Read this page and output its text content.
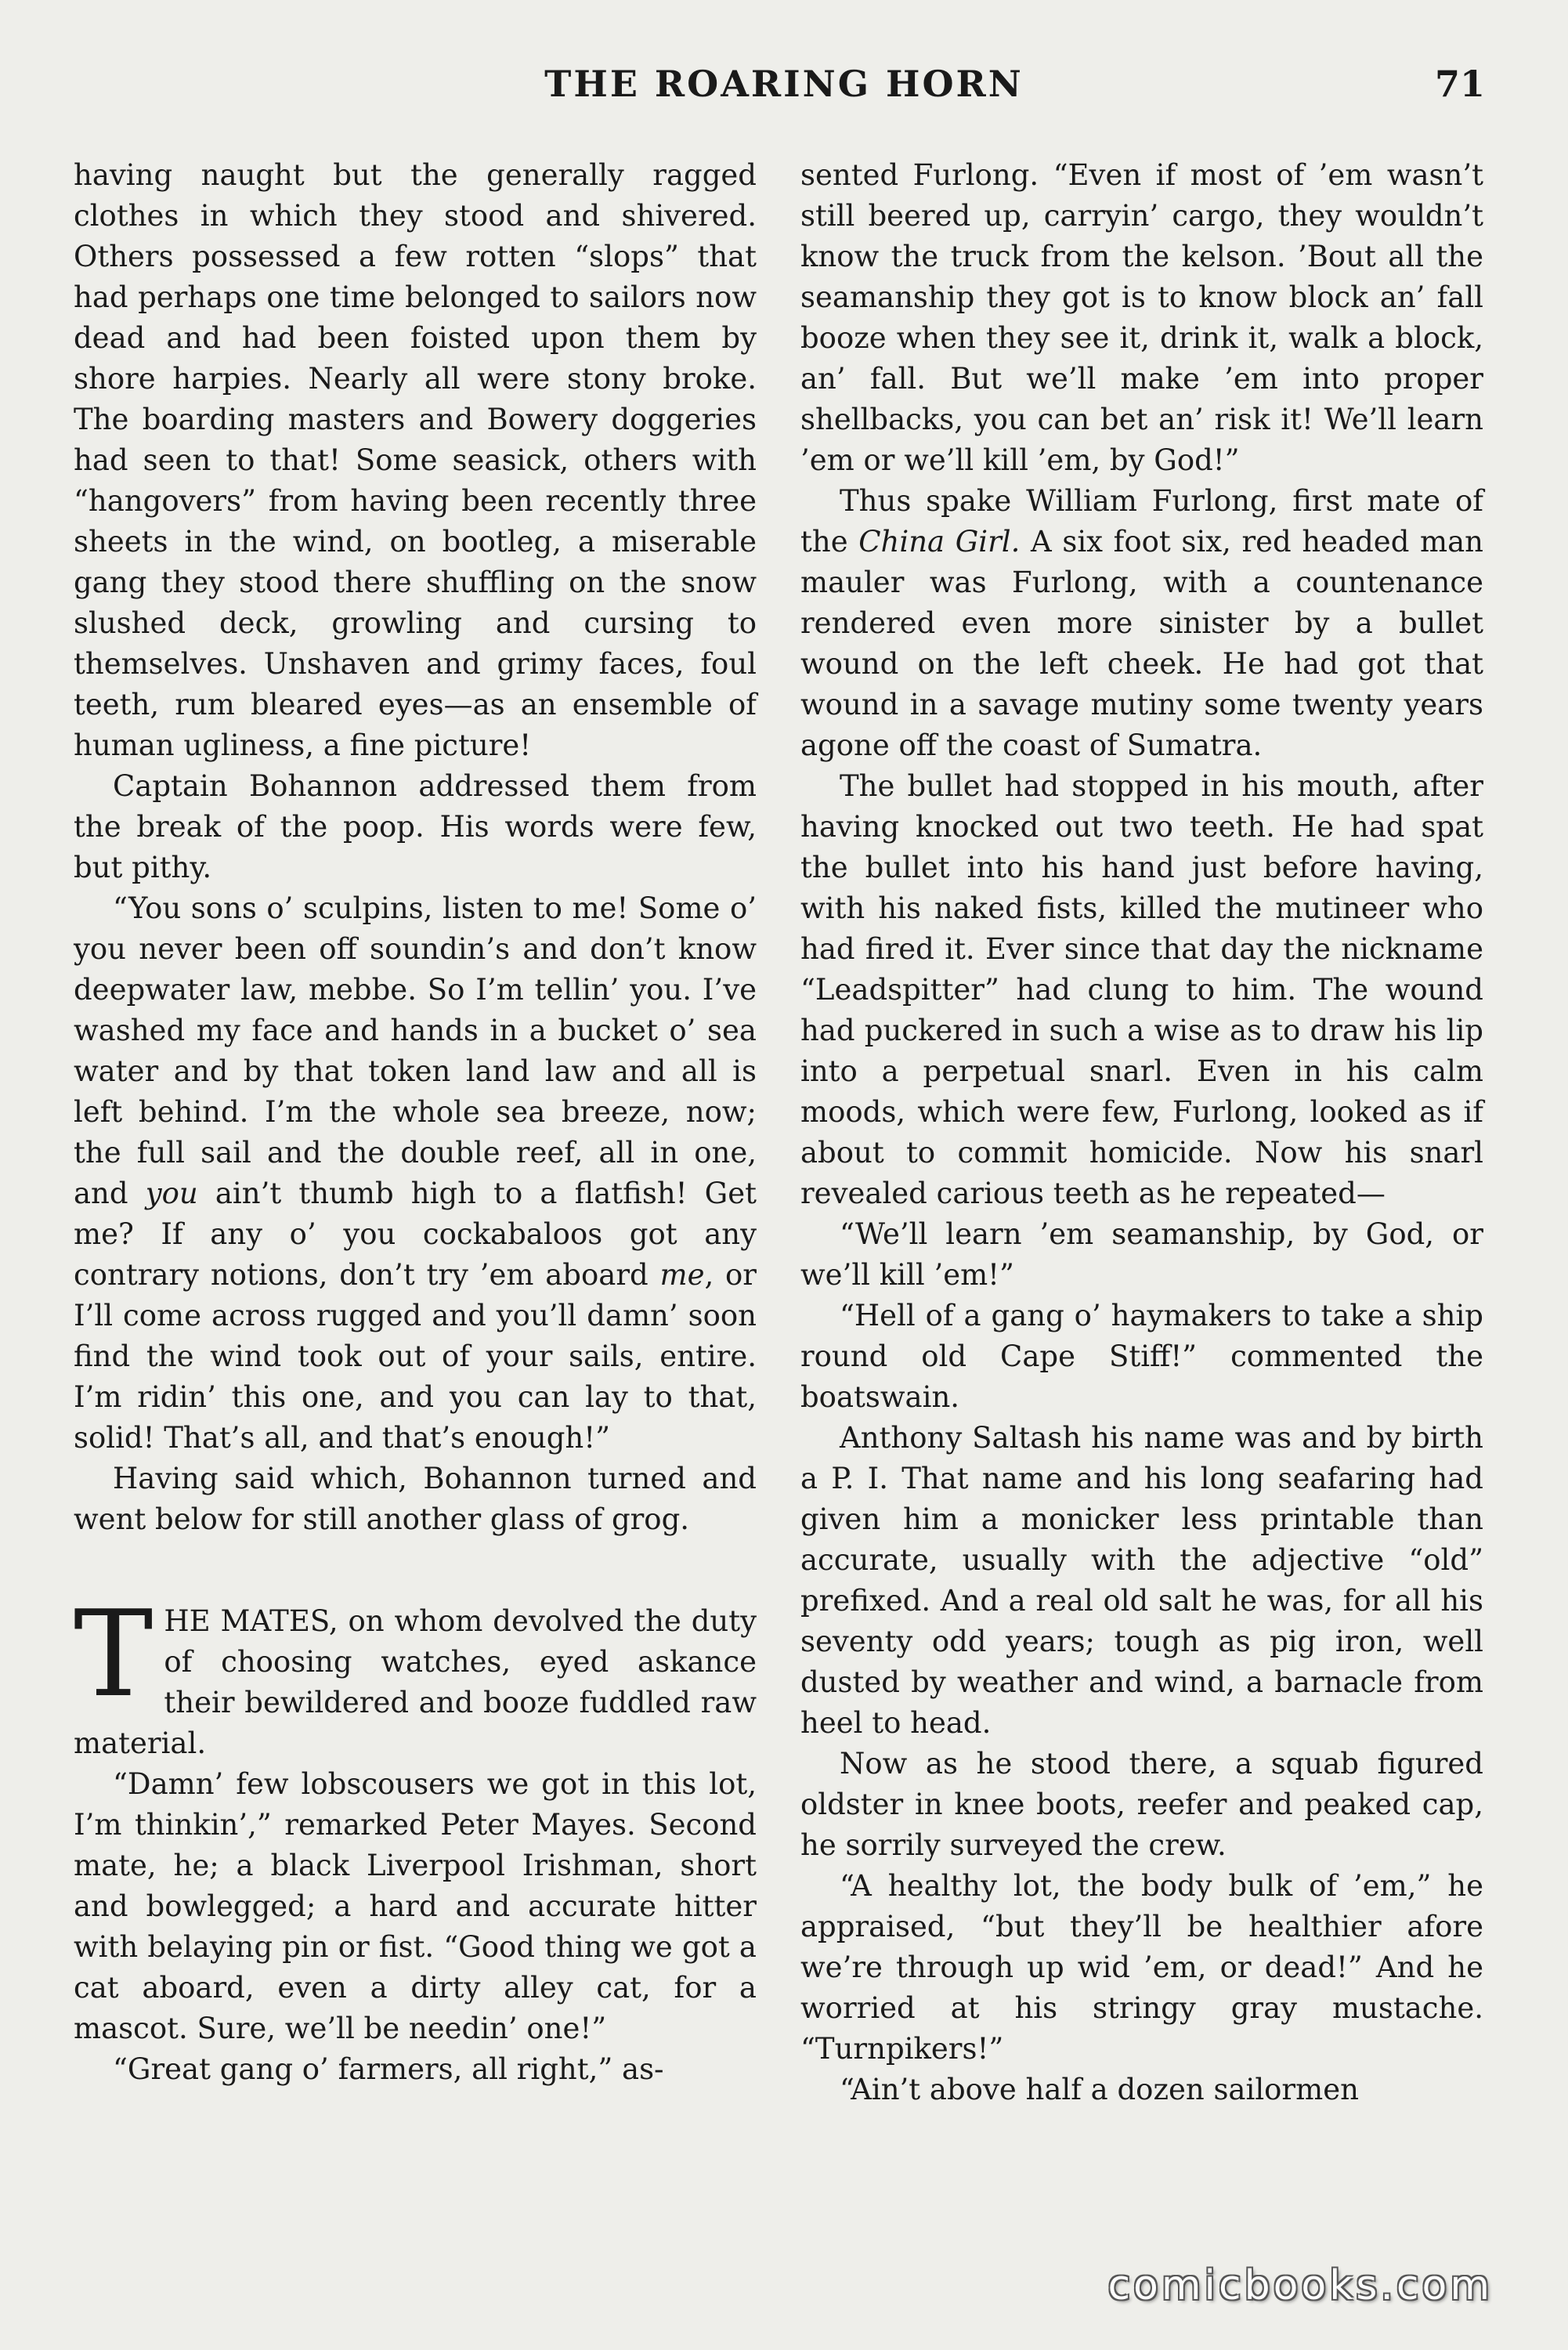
THE ROARING HORN	71

having naught but the generally ragged clothes in which they stood and shivered. Others possessed a few rotten “slops” that had perhaps one time belonged to sailors now dead and had been foisted upon them by shore harpies. Nearly all were stony broke. The boarding masters and Bowery doggeries had seen to that! Some seasick, others with “hangovers” from having been recently three sheets in the wind, on bootleg, a miserable gang they stood there shuffling on the snow slushed deck, growling and cursing to themselves. Unshaven and grimy faces, foul teeth, rum bleared eyes—as an ensemble of human ugliness, a fine picture!

Captain Bohannon addressed them from the break of the poop. His words were few, but pithy.

“You sons o’ sculpins, listen to me! Some o’ you never been off soundin’s and don’t know deepwater law, mebbe. So I’m tellin’ you. I’ve washed my face and hands in a bucket o’ sea water and by that token land law and all is left behind. I’m the whole sea breeze, now; the full sail and the double reef, all in one, and you ain’t thumb high to a flatfish! Get me? If any o’ you cockabaloos got any contrary notions, don’t try ’em aboard me, or I’ll come across rugged and you’ll damn’ soon find the wind took out of your sails, entire. I’m ridin’ this one, and you can lay to that, solid! That’s all, and that’s enough!”

Having said which, Bohannon turned and went below for still another glass of grog.

THE MATES, on whom devolved the duty of choosing watches, eyed askance their bewildered and booze fuddled raw material.

“Damn’ few lobscousers we got in this lot, I’m thinkin’,” remarked Peter Mayes. Second mate, he; a black Liverpool Irishman, short and bowlegged; a hard and accurate hitter with belaying pin or fist. “Good thing we got a cat aboard, even a dirty alley cat, for a mascot. Sure, we’ll be needin’ one!”

“Great gang o’ farmers, all right,” as-

sented Furlong. “Even if most of ’em wasn’t still beered up, carryin’ cargo, they wouldn’t know the truck from the kelson. ’Bout all the seamanship they got is to know block an’ fall booze when they see it, drink it, walk a block, an’ fall. But we’ll make ’em into proper shellbacks, you can bet an’ risk it! We’ll learn ’em or we’ll kill ’em, by God!”

Thus spake William Furlong, first mate of the China Girl. A six foot six, red headed man mauler was Furlong, with a countenance rendered even more sinister by a bullet wound on the left cheek. He had got that wound in a savage mutiny some twenty years agone off the coast of Sumatra.

The bullet had stopped in his mouth, after having knocked out two teeth. He had spat the bullet into his hand just before having, with his naked fists, killed the mutineer who had fired it. Ever since that day the nickname “Leadspitter” had clung to him. The wound had puckered in such a wise as to draw his lip into a perpetual snarl. Even in his calm moods, which were few, Furlong, looked as if about to commit homicide. Now his snarl revealed carious teeth as he repeated—

“We’ll learn ’em seamanship, by God, or we’ll kill ’em!”

“Hell of a gang o’ haymakers to take a ship round old Cape Stiff!” commented the boatswain.

Anthony Saltash his name was and by birth a P. I. That name and his long seafaring had given him a monicker less printable than accurate, usually with the adjective “old” prefixed. And a real old salt he was, for all his seventy odd years; tough as pig iron, well dusted by weather and wind, a barnacle from heel to head.

Now as he stood there, a squab figured oldster in knee boots, reefer and peaked cap, he sorrily surveyed the crew.

“A healthy lot, the body bulk of ’em,” he appraised, “but they’ll be healthier afore we’re through up wid ’em, or dead!” And he worried at his stringy gray mustache. “Turnpikers!”

“Ain’t above half a dozen sailormen

comicbooks.com
